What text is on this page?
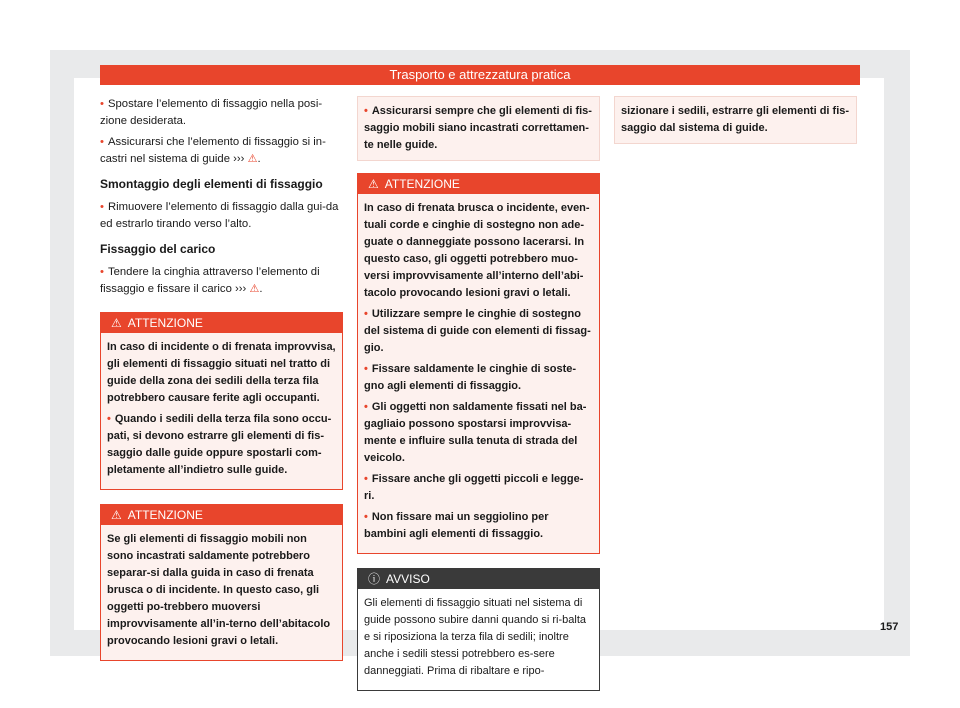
Trasporto e attrezzatura pratica

• Spostare l’elemento di fissaggio nella posi-zione desiderata.

• Assicurarsi che l’elemento di fissaggio si in-castri nel sistema di guide ››› ⚠.

Smontaggio degli elementi di fissaggio

• Rimuovere l’elemento di fissaggio dalla gui-da ed estrarlo tirando verso l’alto.

Fissaggio del carico

• Tendere la cinghia attraverso l’elemento di fissaggio e fissare il carico ››› ⚠.

⚠ ATTENZIONE

In caso di incidente o di frenata improvvisa, gli elementi di fissaggio situati nel tratto di guide della zona dei sedili della terza fila potrebbero causare ferite agli occupanti.

• Quando i sedili della terza fila sono occu-pati, si devono estrarre gli elementi di fis-saggio dalle guide oppure spostarli com-pletamente all’indietro sulle guide.

⚠ ATTENZIONE

Se gli elementi di fissaggio mobili non sono incastrati saldamente potrebbero separar-si dalla guida in caso di frenata brusca o di incidente. In questo caso, gli oggetti po-trebbero muoversi improvvisamente all’in-terno dell’abitacolo provocando lesioni gravi o letali.

• Assicurarsi sempre che gli elementi di fis-saggio mobili siano incastrati correttamen-te nelle guide.
⚠ ATTENZIONE

In caso di frenata brusca o incidente, even-tuali corde e cinghie di sostegno non ade-guate o danneggiate possono lacerarsi. In questo caso, gli oggetti potrebbero muo-versi improvvisamente all’interno dell’abi-tacolo provocando lesioni gravi o letali.

• Utilizzare sempre le cinghie di sostegno del sistema di guide con elementi di fissag-gio.

• Fissare saldamente le cinghie di soste-gno agli elementi di fissaggio.

• Gli oggetti non saldamente fissati nel ba-gagliaio possono spostarsi improvvisa-mente e influire sulla tenuta di strada del veicolo.

• Fissare anche gli oggetti piccoli e legge-ri.

• Non fissare mai un seggiolino per bambini agli elementi di fissaggio.

ⓘ AVVISO

Gli elementi di fissaggio situati nel sistema di guide possono subire danni quando si ri-balta e si riposiziona la terza fila di sedili; inoltre anche i sedili stessi potrebbero es-sere danneggiati. Prima di ribaltare e ripo-

sizionare i sedili, estrarre gli elementi di fis-saggio dal sistema di guide.
157
